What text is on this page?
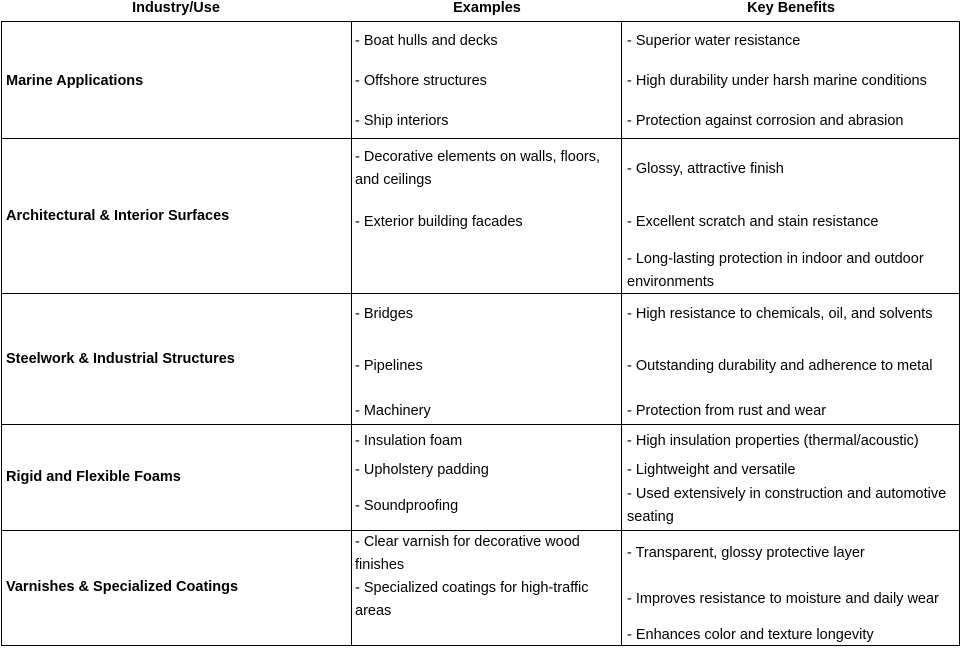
Industry/Use	Examples	Key Benefits
Marine Applications
- Boat hulls and decks
- Offshore structures
- Ship interiors
- Superior water resistance
- High durability under harsh marine conditions
- Protection against corrosion and abrasion
Architectural & Interior Surfaces
- Decorative elements on walls, floors, and ceilings
- Exterior building facades
- Glossy, attractive finish
- Excellent scratch and stain resistance
- Long-lasting protection in indoor and outdoor environments
Steelwork & Industrial Structures
- Bridges
- Pipelines
- Machinery
- High resistance to chemicals, oil, and solvents
- Outstanding durability and adherence to metal
- Protection from rust and wear
Rigid and Flexible Foams
- Insulation foam
- Upholstery padding
- Soundproofing
- High insulation properties (thermal/acoustic)
- Lightweight and versatile
- Used extensively in construction and automotive seating
Varnishes & Specialized Coatings
- Clear varnish for decorative wood finishes
- Specialized coatings for high-traffic areas
- Transparent, glossy protective layer
- Improves resistance to moisture and daily wear
- Enhances color and texture longevity
